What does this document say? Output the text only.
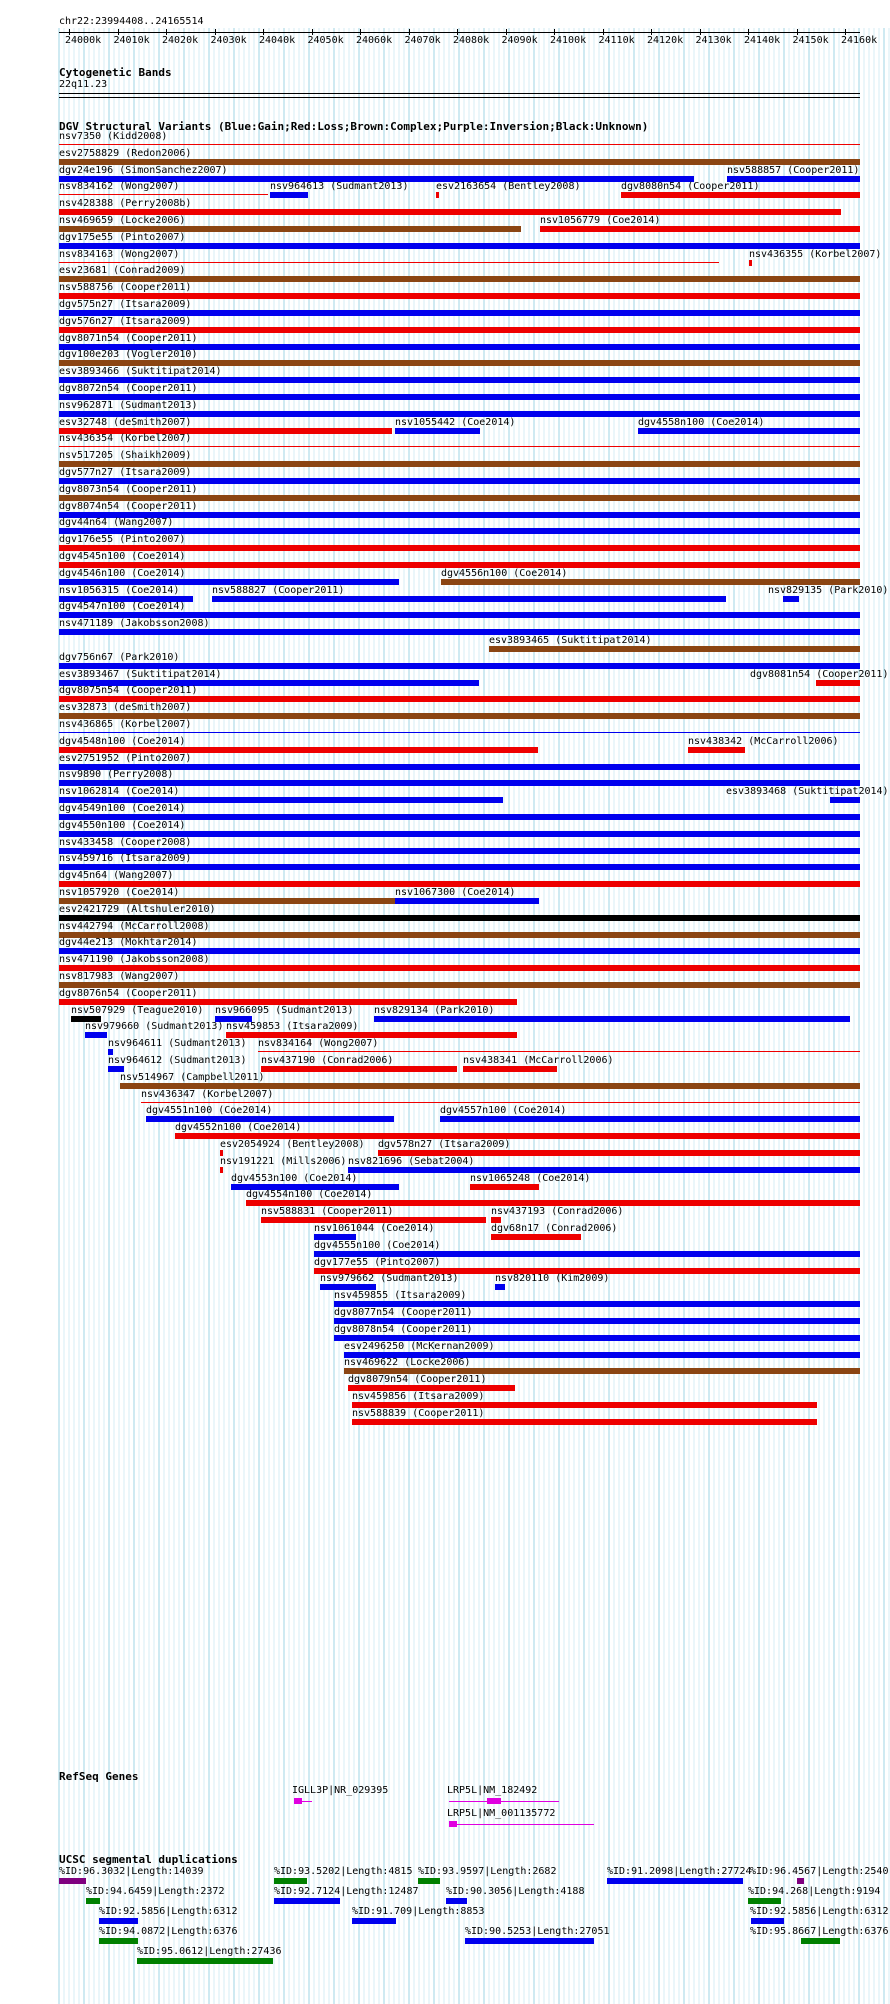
chr22:23994408..24165514
24000k 24010k 24020k 24030k 24040k 24050k 24060k 24070k 24080k 24090k 24100k 24110k 24120k 24130k 24140k 24150k 24160k
Cytogenetic Bands
22q11.23
DGV Structural Variants (Blue:Gain;Red:Loss;Brown:Complex;Purple:Inversion;Black:Unknown)
nsv7350 (Kidd2008)
esv2758829 (Redon2006)
dgv24e196 (SimonSanchez2007)	nsv588857 (Cooper2011)
nsv834162 (Wong2007)	nsv964613 (Sudmant2013)	esv2163654 (Bentley2008)	dgv8080n54 (Cooper2011)
nsv428388 (Perry2008b)
nsv469659 (Locke2006)	nsv1056779 (Coe2014)
dgv175e55 (Pinto2007)
nsv834163 (Wong2007)	nsv436355 (Korbel2007)
esv23681 (Conrad2009)
nsv588756 (Cooper2011)
dgv575n27 (Itsara2009)
dgv576n27 (Itsara2009)
dgv8071n54 (Cooper2011)
dgv100e203 (Vogler2010)
esv3893466 (Suktitipat2014)
dgv8072n54 (Cooper2011)
nsv962871 (Sudmant2013)
esv32748 (deSmith2007)	nsv1055442 (Coe2014)	dgv4558n100 (Coe2014)
nsv436354 (Korbel2007)
nsv517205 (Shaikh2009)
dgv577n27 (Itsara2009)
dgv8073n54 (Cooper2011)
dgv8074n54 (Cooper2011)
dgv44n64 (Wang2007)
dgv176e55 (Pinto2007)
dgv4545n100 (Coe2014)
dgv4546n100 (Coe2014)	dgv4556n100 (Coe2014)
nsv1056315 (Coe2014)	nsv588827 (Cooper2011)	nsv829135 (Park2010)
dgv4547n100 (Coe2014)
nsv471189 (Jakobsson2008)
esv3893465 (Suktitipat2014)
dgv756n67 (Park2010)
esv3893467 (Suktitipat2014)	dgv8081n54 (Cooper2011)
dgv8075n54 (Cooper2011)
esv32873 (deSmith2007)
nsv436865 (Korbel2007)
dgv4548n100 (Coe2014)	nsv438342 (McCarroll2006)
esv2751952 (Pinto2007)
nsv9890 (Perry2008)
nsv1062814 (Coe2014)	esv3893468 (Suktitipat2014)
dgv4549n100 (Coe2014)
dgv4550n100 (Coe2014)
nsv433458 (Cooper2008)
nsv459716 (Itsara2009)
dgv45n64 (Wang2007)
nsv1057920 (Coe2014)	nsv1067300 (Coe2014)
esv2421729 (Altshuler2010)
nsv442794 (McCarroll2008)
dgv44e213 (Mokhtar2014)
nsv471190 (Jakobsson2008)
nsv817983 (Wang2007)
dgv8076n54 (Cooper2011)
nsv507929 (Teague2010) nsv966095 (Sudmant2013) nsv829134 (Park2010)
nsv979660 (Sudmant2013) nsv459853 (Itsara2009)
nsv964611 (Sudmant2013) nsv834164 (Wong2007)
nsv964612 (Sudmant2013) nsv437190 (Conrad2006)	nsv438341 (McCarroll2006)
nsv514967 (Campbell2011)
nsv436347 (Korbel2007)
dgv4551n100 (Coe2014)	dgv4557n100 (Coe2014)
dgv4552n100 (Coe2014)
esv2054924 (Bentley2008) dgv578n27 (Itsara2009)
nsv191221 (Mills2006) nsv821696 (Sebat2004)
dgv4553n100 (Coe2014)	nsv1065248 (Coe2014)
dgv4554n100 (Coe2014)
nsv588831 (Cooper2011)	nsv437193 (Conrad2006)
nsv1061044 (Coe2014)	dgv68n17 (Conrad2006)
dgv4555n100 (Coe2014)
dgv177e55 (Pinto2007)
nsv979662 (Sudmant2013)	nsv820110 (Kim2009)
nsv459855 (Itsara2009)
dgv8077n54 (Cooper2011)
dgv8078n54 (Cooper2011)
esv2496250 (McKernan2009)
nsv469622 (Locke2006)
dgv8079n54 (Cooper2011)
nsv459856 (Itsara2009)
nsv588839 (Cooper2011)
RefSeq Genes
IGLL3P|NR_029395	LRP5L|NM_182492
LRP5L|NM_001135772
UCSC segmental duplications
%ID:96.3032|Length:14039	%ID:93.5202|Length:4815 %ID:93.9597|Length:2682	%ID:91.2098|Length:27724
%ID:96.4567|Length:2540
%ID:94.6459|Length:2372	%ID:92.7124|Length:12487	%ID:90.3056|Length:4188	%ID:94.268|Length:9194
%ID:92.5856|Length:6312	%ID:91.709|Length:8853	%ID:92.5856|Length:6312
%ID:94.0872|Length:6376	%ID:90.5253|Length:27051	%ID:95.8667|Length:6376
%ID:95.0612|Length:27436
